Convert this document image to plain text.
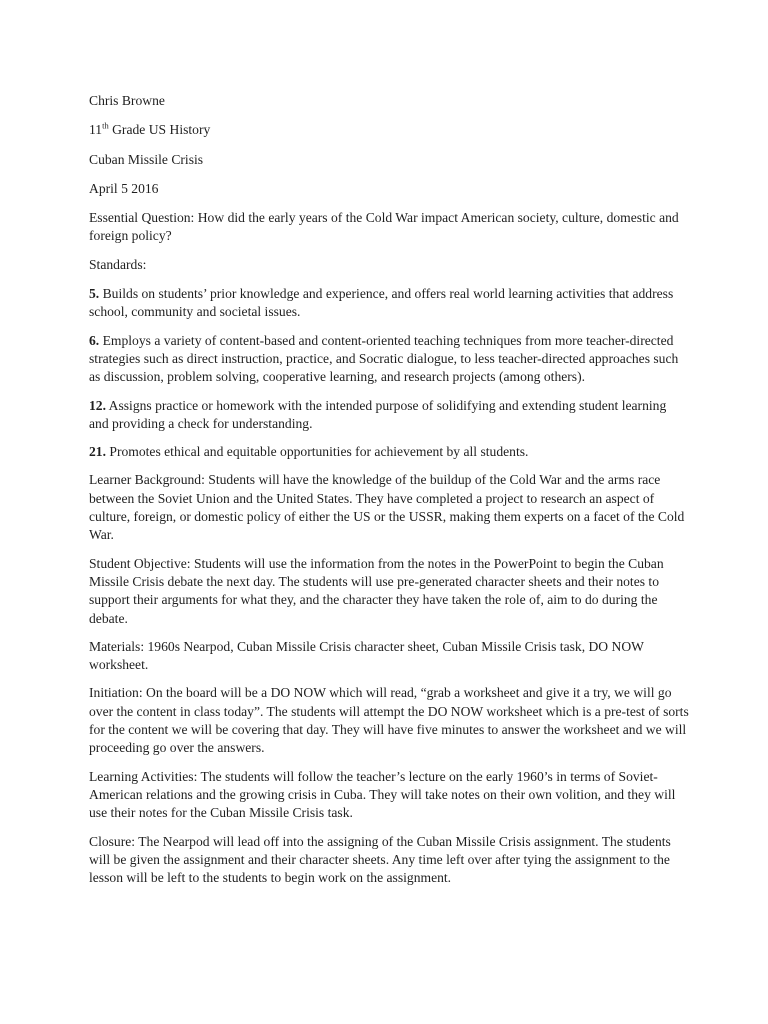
Chris Browne

11th Grade US History

Cuban Missile Crisis

April 5 2016

Essential Question: How did the early years of the Cold War impact American society, culture, domestic and foreign policy?

Standards:

5. Builds on students’ prior knowledge and experience, and offers real world learning activities that address school, community and societal issues.

6. Employs a variety of content-based and content-oriented teaching techniques from more teacher-directed strategies such as direct instruction, practice, and Socratic dialogue, to less teacher-directed approaches such as discussion, problem solving, cooperative learning, and research projects (among others).

12. Assigns practice or homework with the intended purpose of solidifying and extending student learning and providing a check for understanding.

21. Promotes ethical and equitable opportunities for achievement by all students.

Learner Background: Students will have the knowledge of the buildup of the Cold War and the arms race between the Soviet Union and the United States. They have completed a project to research an aspect of culture, foreign, or domestic policy of either the US or the USSR, making them experts on a facet of the Cold War.

Student Objective: Students will use the information from the notes in the PowerPoint to begin the Cuban Missile Crisis debate the next day. The students will use pre-generated character sheets and their notes to support their arguments for what they, and the character they have taken the role of, aim to do during the debate.

Materials: 1960s Nearpod, Cuban Missile Crisis character sheet, Cuban Missile Crisis task, DO NOW worksheet.

Initiation: On the board will be a DO NOW which will read, “grab a worksheet and give it a try, we will go over the content in class today”. The students will attempt the DO NOW worksheet which is a pre-test of sorts for the content we will be covering that day. They will have five minutes to answer the worksheet and we will proceeding go over the answers.

Learning Activities: The students will follow the teacher’s lecture on the early 1960’s in terms of Soviet-American relations and the growing crisis in Cuba. They will take notes on their own volition, and they will use their notes for the Cuban Missile Crisis task.

Closure: The Nearpod will lead off into the assigning of the Cuban Missile Crisis assignment. The students will be given the assignment and their character sheets. Any time left over after tying the assignment to the lesson will be left to the students to begin work on the assignment.
